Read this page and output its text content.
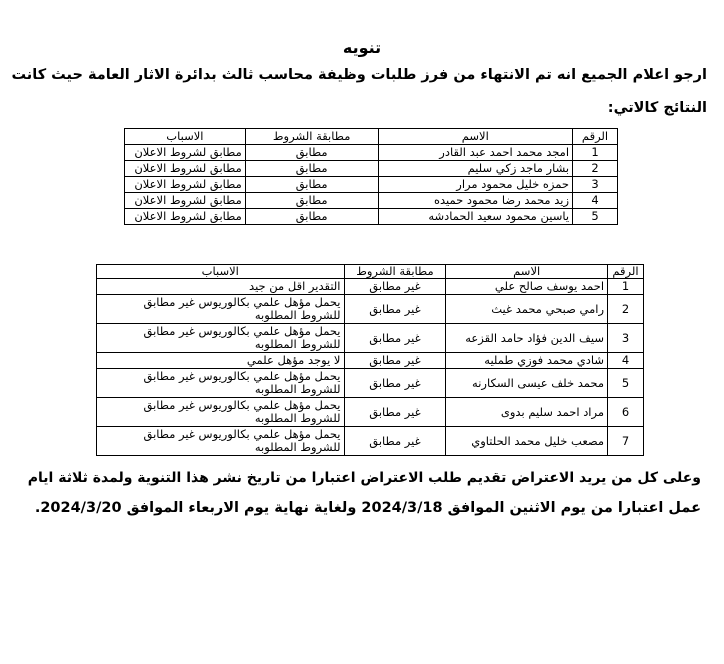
تنويه
ارجو اعلام الجميع انه تم الانتهاء من فرز طلبات وظيفة محاسب ثالث بدائرة الاثار العامة حيث كانت
النتائج كالاتي:
الرقم	الاسم	مطابقة الشروط	الاسباب
1	امجد محمد احمد عبد القادر	مطابق	مطابق لشروط الاعلان
2	بشار ماجد زكي سليم	مطابق	مطابق لشروط الاعلان
3	حمزه خليل محمود مرار	مطابق	مطابق لشروط الاعلان
4	زيد محمد رضا محمود حميده	مطابق	مطابق لشروط الاعلان
5	ياسين محمود سعيد الحمادشه	مطابق	مطابق لشروط الاعلان
الرقم	الاسم	مطابقة الشروط	الاسباب
1	احمد يوسف صالح علي	غير مطابق	التقدير اقل من جيد
2	رامي صبحي محمد غيث	غير مطابق	يحمل مؤهل علمي بكالوريوس غير مطابق للشروط المطلوبه
3	سيف الدين فؤاد حامد القزعه	غير مطابق	يحمل مؤهل علمي بكالوريوس غير مطابق للشروط المطلوبه
4	شادي محمد فوزي طمليه	غير مطابق	لا يوجد مؤهل علمي
5	محمد خلف عيسى السكارنه	غير مطابق	يحمل مؤهل علمي بكالوريوس غير مطابق للشروط المطلوبه
6	مراد احمد سليم بدوى	غير مطابق	يحمل مؤهل علمي بكالوريوس غير مطابق للشروط المطلوبه
7	مصعب خليل محمد الحلتاوي	غير مطابق	يحمل مؤهل علمي بكالوريوس غير مطابق للشروط المطلوبه
وعلى كل من يريد الاعتراض تقديم طلب الاعتراض اعتبارا من تاريخ نشر هذا التنوية ولمدة ثلاثة ايام
عمل اعتبارا من يوم الاثنين الموافق 2024/3/18 ولغاية نهاية يوم الاربعاء الموافق 2024/3/20.
